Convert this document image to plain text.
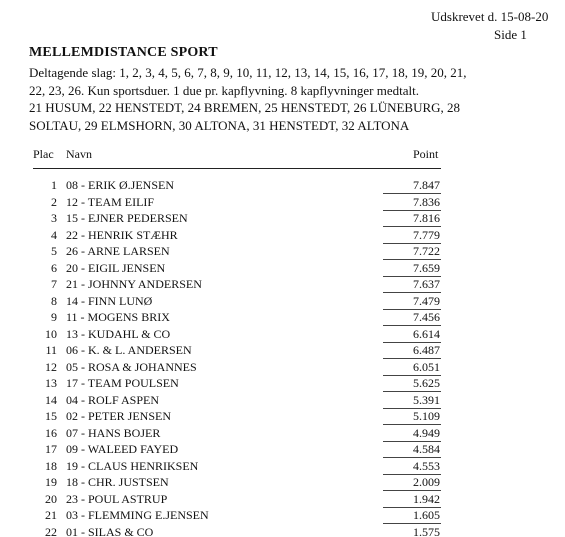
Udskrevet d. 15-08-20
Side 1
MELLEMDISTANCE SPORT
Deltagende slag: 1, 2, 3, 4, 5, 6, 7, 8, 9, 10, 11, 12, 13, 14, 15, 16, 17, 18, 19, 20, 21,
22, 23, 26. Kun sportsduer. 1 due pr. kapflyvning. 8 kapflyvninger medtalt.
21 HUSUM, 22 HENSTEDT, 24 BREMEN, 25 HENSTEDT, 26 LÜNEBURG, 28
SOLTAU, 29 ELMSHORN, 30 ALTONA, 31 HENSTEDT, 32 ALTONA
Plac Navn	Point
1 08 - ERIK Ø.JENSEN	7.847
2 12 - TEAM EILIF	7.836
3 15 - EJNER PEDERSEN	7.816
4 22 - HENRIK STÆHR	7.779
5 26 - ARNE LARSEN	7.722
6 20 - EIGIL JENSEN	7.659
7 21 - JOHNNY ANDERSEN	7.637
8 14 - FINN LUNØ	7.479
9 11 - MOGENS BRIX	7.456
10 13 - KUDAHL & CO	6.614
11 06 - K. & L. ANDERSEN	6.487
12 05 - ROSA & JOHANNES	6.051
13 17 - TEAM POULSEN	5.625
14 04 - ROLF ASPEN	5.391
15 02 - PETER JENSEN	5.109
16 07 - HANS BOJER	4.949
17 09 - WALEED FAYED	4.584
18 19 - CLAUS HENRIKSEN	4.553
19 18 - CHR. JUSTSEN	2.009
20 23 - POUL ASTRUP	1.942
21 03 - FLEMMING E.JENSEN	1.605
22 01 - SILAS & CO	1.575
